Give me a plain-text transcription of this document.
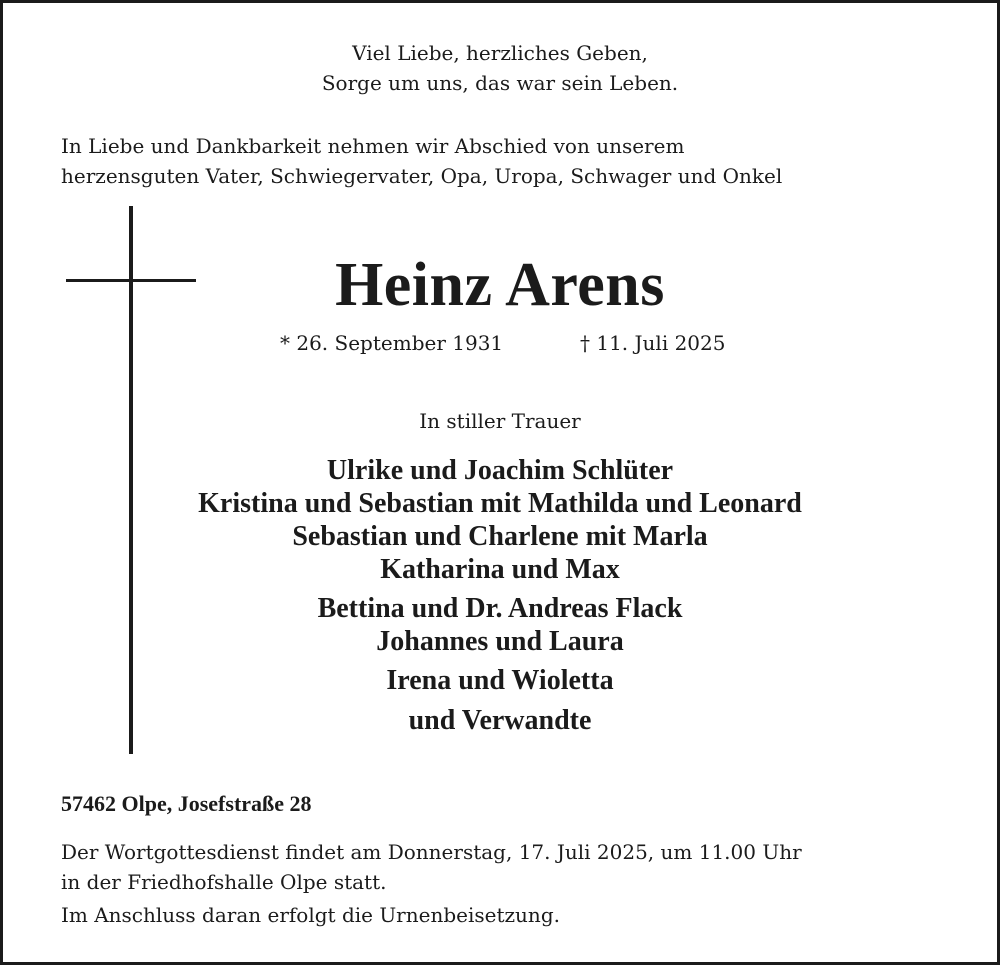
Viel Liebe, herzliches Geben,
Sorge um uns, das war sein Leben.
In Liebe und Dankbarkeit nehmen wir Abschied von unserem
herzensguten Vater, Schwiegervater, Opa, Uropa, Schwager und Onkel
Heinz Arens
* 26. September 1931	† 11. Juli 2025
In stiller Trauer
Ulrike und Joachim Schlüter
Kristina und Sebastian mit Mathilda und Leonard
Sebastian und Charlene mit Marla
Katharina und Max
Bettina und Dr. Andreas Flack
Johannes und Laura
Irena und Wioletta
und Verwandte
57462 Olpe, Josefstraße 28
Der Wortgottesdienst findet am Donnerstag, 17. Juli 2025, um 11.00 Uhr
in der Friedhofshalle Olpe statt.
Im Anschluss daran erfolgt die Urnenbeisetzung.
